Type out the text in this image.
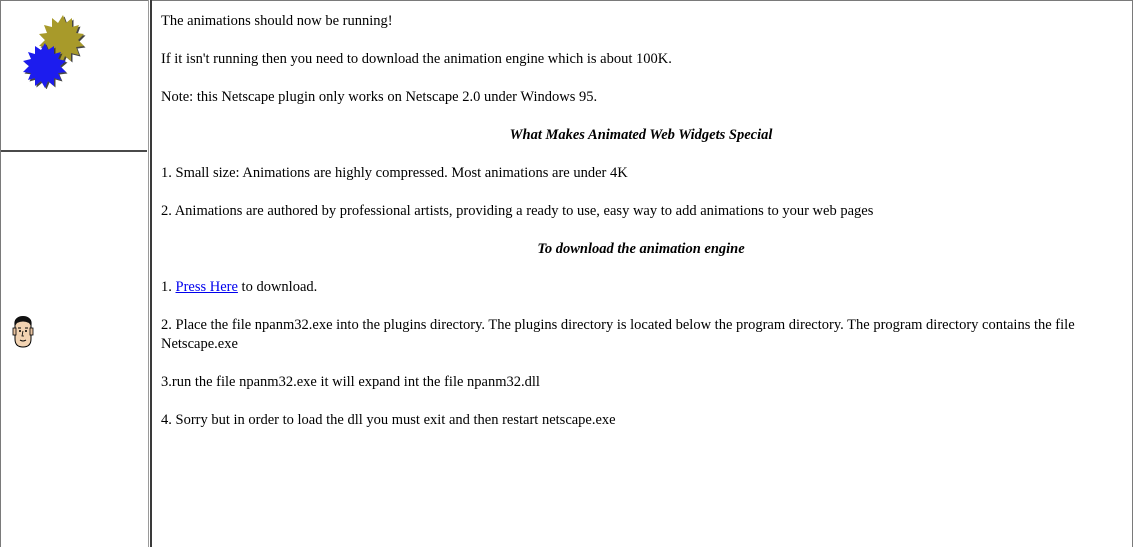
The animations should now be running!

If it isn't running then you need to download the animation engine which is about 100K.

Note: this Netscape plugin only works on Netscape 2.0 under Windows 95.

What Makes Animated Web Widgets Special

1. Small size: Animations are highly compressed. Most animations are under 4K

2. Animations are authored by professional artists, providing a ready to use, easy way to add animations to your web pages

To download the animation engine

1. Press Here to download.

2. Place the file npanm32.exe into the plugins directory. The plugins directory is located below the program directory. The program directory contains the file Netscape.exe

3.run the file npanm32.exe it will expand int the file npanm32.dll

4. Sorry but in order to load the dll you must exit and then restart netscape.exe
